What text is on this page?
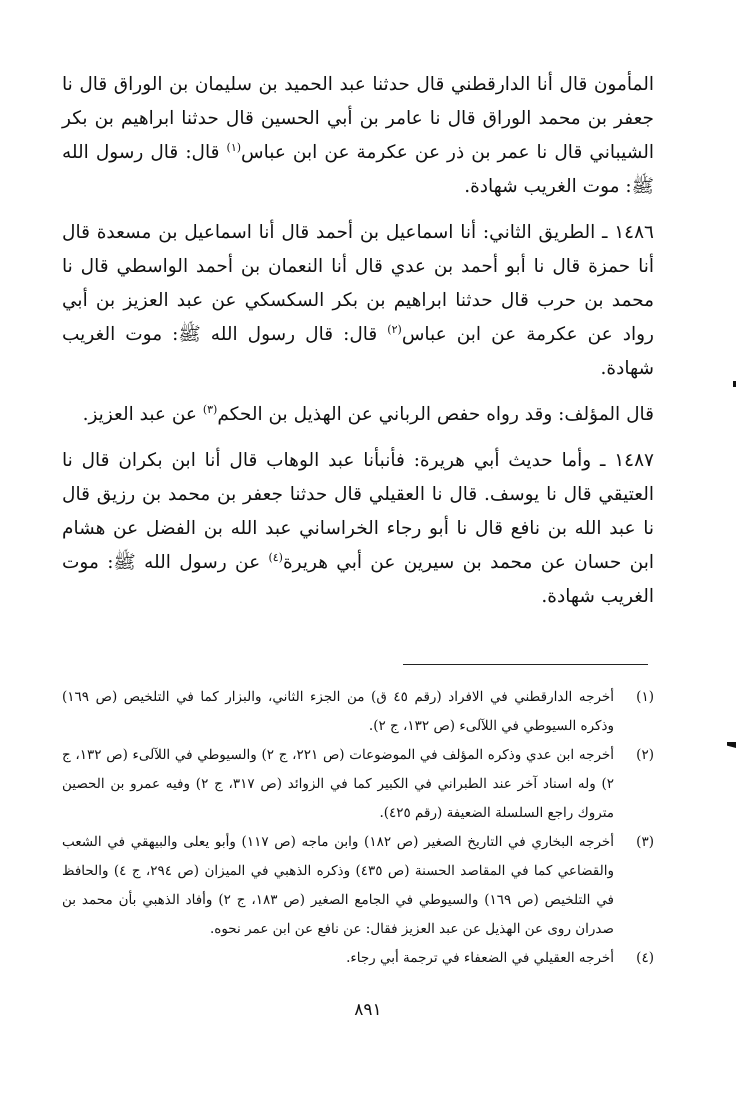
المأمون قال أنا الدارقطني قال حدثنا عبد الحميد بن سليمان بن الوراق قال نا جعفر بن محمد الوراق قال نا عامر بن أبي الحسين قال حدثنا ابراهيم بن بكر الشيباني قال نا عمر بن ذر عن عكرمة عن ابن عباس$^{(١)}$ قال: قال رسول الله ﷺ: موت الغريب شهادة.

١٤٨٦ ـ الطريق الثاني: أنا اسماعيل بن أحمد قال أنا اسماعيل بن مسعدة قال أنا حمزة قال نا أبو أحمد بن عدي قال أنا النعمان بن أحمد الواسطي قال نا محمد بن حرب قال حدثنا ابراهيم بن بكر السكسكي عن عبد العزيز بن أبي رواد عن عكرمة عن ابن عباس$^{(٢)}$ قال: قال رسول الله ﷺ: موت الغريب شهادة.

قال المؤلف: وقد رواه حفص الرباني عن الهذيل بن الحكم$^{(٣)}$ عن عبد العزيز.

١٤٨٧ ـ وأما حديث أبي هريرة: فأنبأنا عبد الوهاب قال أنا ابن بكران قال نا العتيقي قال نا يوسف. قال نا العقيلي قال حدثنا جعفر بن محمد بن رزيق قال نا عبد الله بن نافع قال نا أبو رجاء الخراساني عبد الله بن الفضل عن هشام ابن حسان عن محمد بن سيرين عن أبي هريرة$^{(٤)}$ عن رسول الله ﷺ: موت الغريب شهادة.

(١)
أخرجه الدارقطني في الافراد (رقم ٤٥ ق) من الجزء الثاني، والبزار كما في التلخيص (ص ١٦٩) وذكره السيوطي في اللآلىء (ص ١٣٢، ج ٢).
(٢)
أخرجه ابن عدي وذكره المؤلف في الموضوعات (ص ٢٢١، ج ٢) والسيوطي في اللآلىء (ص ١٣٢، ج ٢) وله اسناد آخر عند الطبراني في الكبير كما في الزوائد (ص ٣١٧، ج ٢) وفيه عمرو بن الحصين متروك راجع السلسلة الضعيفة (رقم ٤٢٥).
(٣)
أخرجه البخاري في التاريخ الصغير (ص ١٨٢) وابن ماجه (ص ١١٧) وأبو يعلى والبيهقي في الشعب والقضاعي كما في المقاصد الحسنة (ص ٤٣٥) وذكره الذهبي في الميزان (ص ٢٩٤، ج ٤) والحافظ في التلخيص (ص ١٦٩) والسيوطي في الجامع الصغير (ص ١٨٣، ج ٢) وأفاد الذهبي بأن محمد بن صدران روى عن الهذيل عن عبد العزيز فقال: عن نافع عن ابن عمر نحوه.
(٤)
أخرجه العقيلي في الضعفاء في ترجمة أبي رجاء.
٨٩١
